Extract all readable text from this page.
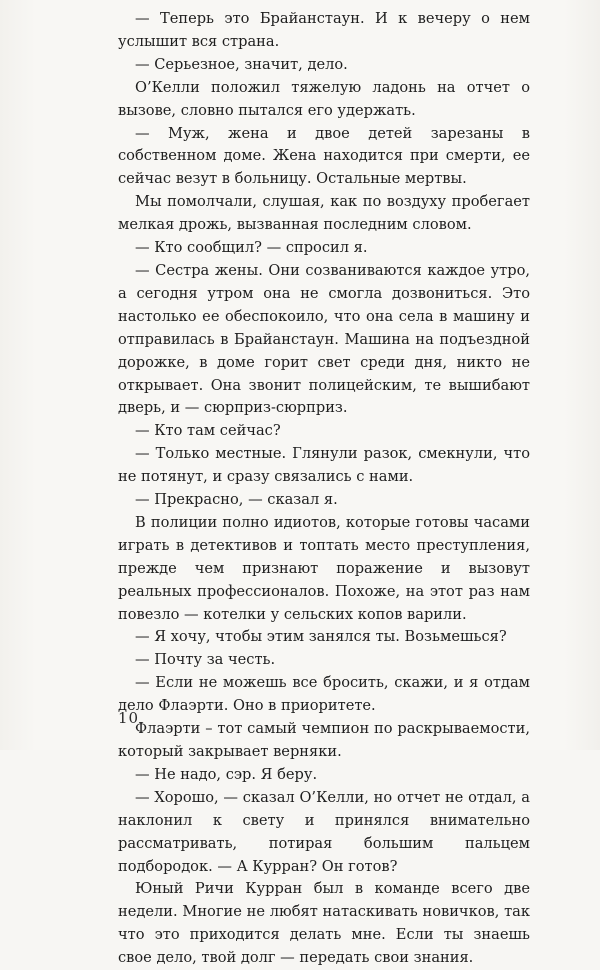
— Теперь это Брайанстаун. И к вечеру о нем услышит вся страна.

— Серьезное, значит, дело.

О’Келли положил тяжелую ладонь на отчет о вызове, словно пытался его удержать.

— Муж, жена и двое детей зарезаны в собственном доме. Жена находится при смерти, ее сейчас везут в больницу. Остальные мертвы.

Мы помолчали, слушая, как по воздуху пробегает мелкая дрожь, вызванная последним словом.

— Кто сообщил? — спросил я.

— Сестра жены. Они созваниваются каждое утро, а сегодня утром она не смогла дозвониться. Это настолько ее обеспокоило, что она села в машину и отправилась в Брайанстаун. Машина на подъездной дорожке, в доме горит свет среди дня, никто не открывает. Она звонит полицейским, те вышибают дверь, и — сюрприз-сюрприз.

— Кто там сейчас?

— Только местные. Глянули разок, смекнули, что не потянут, и сразу связались с нами.

— Прекрасно, — сказал я.

В полиции полно идиотов, которые готовы часами играть в детективов и топтать место преступления, прежде чем признают поражение и вызовут реальных профессионалов. Похоже, на этот раз нам повезло — котелки у сельских копов варили.

— Я хочу, чтобы этим занялся ты. Возьмешься?

— Почту за честь.

— Если не можешь все бросить, скажи, и я отдам дело Флаэрти. Оно в приоритете.

Флаэрти – тот самый чемпион по раскрываемости, который закрывает верняки.

— Не надо, сэр. Я беру.

— Хорошо, — сказал О’Келли, но отчет не отдал, а наклонил к свету и принялся внимательно рассматривать, потирая большим пальцем подбородок. — А Курран? Он готов?

Юный Ричи Курран был в команде всего две недели. Многие не любят натаскивать новичков, так что это приходится делать мне. Если ты знаешь свое дело, твой долг — передать свои знания.

10
